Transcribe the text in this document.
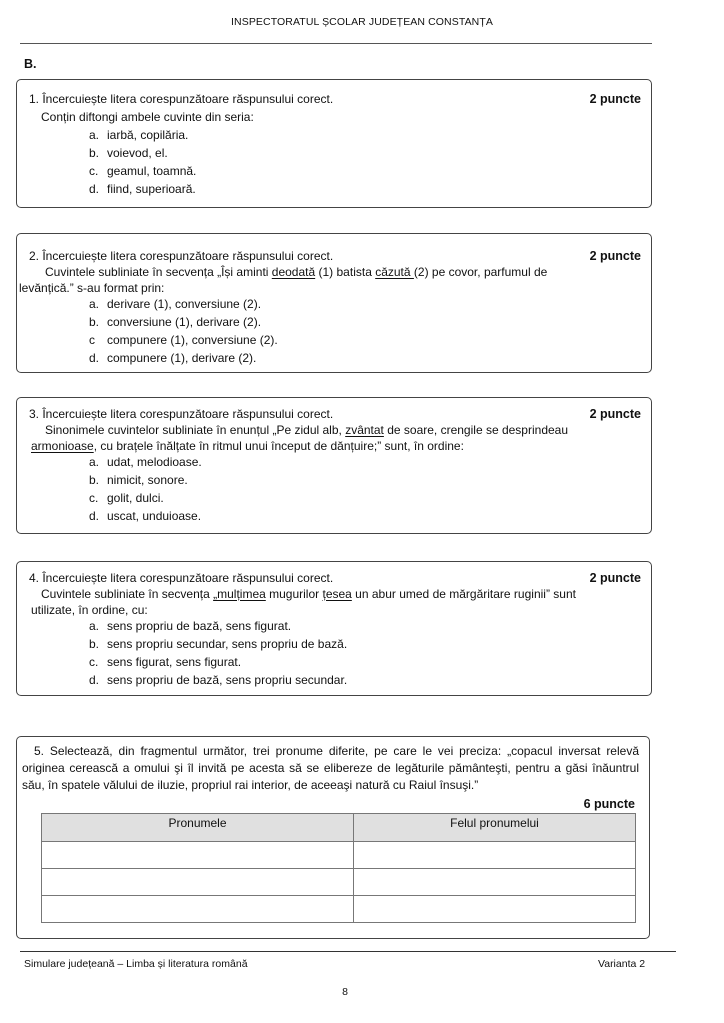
INSPECTORATUL ȘCOLAR JUDEȚEAN CONSTANȚA
B.
1. Încercuiește litera corespunzătoare răspunsului corect.	2 puncte
Conțin diftongi ambele cuvinte din seria:
a. iarbă, copilăria.
b. voievod, el.
c. geamul, toamnă.
d. fiind, superioară.
2. Încercuiește litera corespunzătoare răspunsului corect.	2 puncte
Cuvintele subliniate în secvența „Își aminti deodată (1) batista căzută (2) pe covor, parfumul de
levănțică.” s-au format prin:
a. derivare (1), conversiune (2).
b. conversiune (1), derivare (2).
c compunere (1), conversiune (2).
d. compunere (1), derivare (2).
3. Încercuiește litera corespunzătoare răspunsului corect.	2 puncte
Sinonimele cuvintelor subliniate în enunțul „Pe zidul alb, zvântat de soare, crengile se desprindeau
armonioase, cu brațele înălțate în ritmul unui început de dănțuire;” sunt, în ordine:
a. udat, melodioase.
b. nimicit, sonore.
c. golit, dulci.
d. uscat, unduioase.
4. Încercuiește litera corespunzătoare răspunsului corect.	2 puncte
Cuvintele subliniate în secvența „mulțimea mugurilor țesea un abur umed de mărgăritare ruginii” sunt
utilizate, în ordine, cu:
a. sens propriu de bază, sens figurat.
b. sens propriu secundar, sens propriu de bază.
c. sens figurat, sens figurat.
d. sens propriu de bază, sens propriu secundar.
5. Selectează, din fragmentul următor, trei pronume diferite, pe care le vei preciza: „copacul inversat relevă originea cerească a omului şi îl invită pe acesta să se elibereze de legăturile pământeşti, pentru a găsi înăuntrul său, în spatele vălului de iluzie, propriul rai interior, de aceeaşi natură cu Raiul însuşi.”
6 puncte
Pronumele	Felul pronumelui

Simulare județeană – Limba și literatura română	Varianta 2
8
